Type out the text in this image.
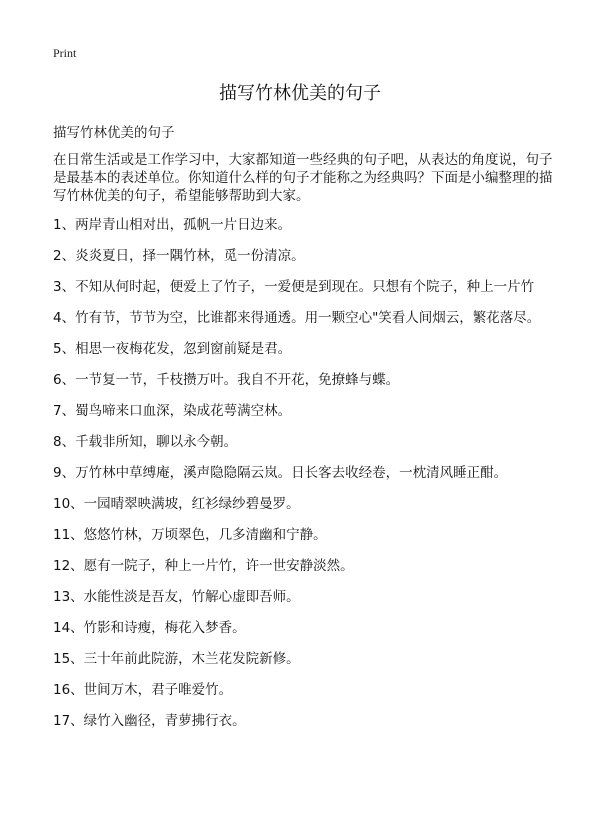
Print
描写竹林优美的句子

描写竹林优美的句子

在日常生活或是工作学习中，大家都知道一些经典的句子吧，从表达的角度说，句子是最基本的表述单位。你知道什么样的句子才能称之为经典吗？下面是小编整理的描写竹林优美的句子，希望能够帮助到大家。

1、两岸青山相对出，孤帆一片日边来。
2、炎炎夏日，择一隅竹林，觅一份清凉。
3、不知从何时起，便爱上了竹子，一爱便是到现在。只想有个院子，种上一片竹
4、竹有节，节节为空，比谁都来得通透。用一颗空心"笑看人间烟云，繁花落尽。
5、相思一夜梅花发，忽到窗前疑是君。
6、一节复一节，千枝攒万叶。我自不开花，免撩蜂与蝶。
7、蜀鸟啼来口血深，染成花萼满空林。
8、千载非所知，聊以永今朝。
9、万竹林中草缚庵，溪声隐隐隔云岚。日长客去收经卷，一枕清风睡正酣。
10、一园晴翠映满坡，红衫绿纱碧曼罗。
11、悠悠竹林，万顷翠色，几多清幽和宁静。
12、愿有一院子，种上一片竹，许一世安静淡然。
13、水能性淡是吾友，竹解心虚即吾师。
14、竹影和诗瘦，梅花入梦香。
15、三十年前此院游，木兰花发院新修。
16、世间万木，君子唯爱竹。
17、绿竹入幽径，青萝拂行衣。
